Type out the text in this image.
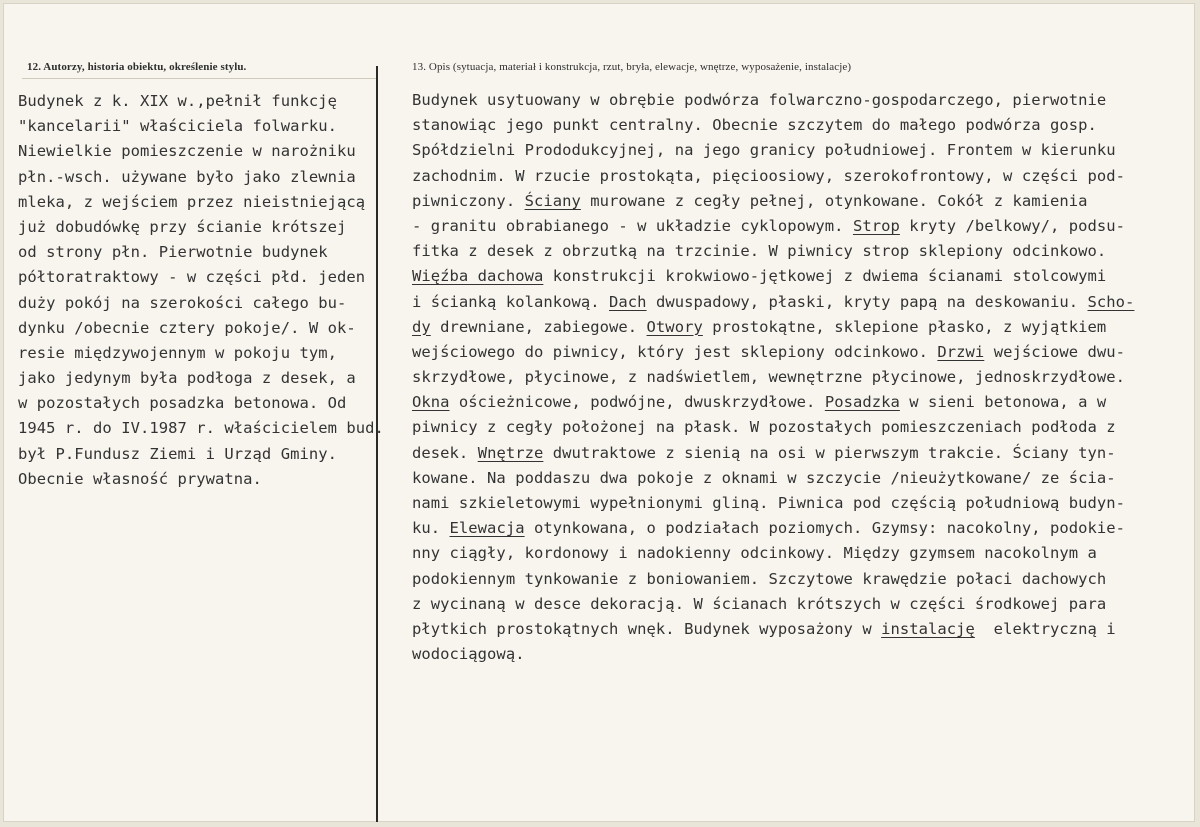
12. Autorzy, historia obiektu, określenie stylu.	13. Opis (sytuacja, materiał i konstrukcja, rzut, bryła, elewacje, wnętrze, wyposażenie, instalacje)
Budynek z k. XIX w.,pełnił funkcję
"kancelarii" właściciela folwarku.
Niewielkie pomieszczenie w narożniku
płn.-wsch. używane było jako zlewnia
mleka, z wejściem przez nieistniejącą
już dobudówkę przy ścianie krótszej
od strony płn. Pierwotnie budynek
półtoratraktowy - w części płd. jeden
duży pokój na szerokości całego bu-
dynku /obecnie cztery pokoje/. W ok-
resie międzywojennym w pokoju tym,
jako jedynym była podłoga z desek, a
w pozostałych posadzka betonowa. Od
1945 r. do IV.1987 r. właścicielem bud.
był P.Fundusz Ziemi i Urząd Gminy.
Obecnie własność prywatna.
Budynek usytuowany w obrębie podwórza folwarczno-gospodarczego, pierwotnie
stanowiąc jego punkt centralny. Obecnie szczytem do małego podwórza gosp.
Spółdzielni Prododukcyjnej, na jego granicy południowej. Frontem w kierunku
zachodnim. W rzucie prostokąta, pięcioosiowy, szerokofrontowy, w części pod-
piwniczony. Ściany murowane z cegły pełnej, otynkowane. Cokół z kamienia
- granitu obrabianego - w układzie cyklopowym. Strop kryty /belkowy/, podsu-
fitka z desek z obrzutką na trzcinie. W piwnicy strop sklepiony odcinkowo.
Więźba dachowa konstrukcji krokwiowo-jętkowej z dwiema ścianami stolcowymi
i ścianką kolankową. Dach dwuspadowy, płaski, kryty papą na deskowaniu. Scho-
dy drewniane, zabiegowe. Otwory prostokątne, sklepione płasko, z wyjątkiem
wejściowego do piwnicy, który jest sklepiony odcinkowo. Drzwi wejściowe dwu-
skrzydłowe, płycinowe, z nadświetlem, wewnętrzne płycinowe, jednoskrzydłowe.
Okna ościeżnicowe, podwójne, dwuskrzydłowe. Posadzka w sieni betonowa, a w
piwnicy z cegły położonej na płask. W pozostałych pomieszczeniach podłoda z
desek. Wnętrze dwutraktowe z sienią na osi w pierwszym trakcie. Ściany tyn-
kowane. Na poddaszu dwa pokoje z oknami w szczycie /nieużytkowane/ ze ścia-
nami szkieletowymi wypełnionymi gliną. Piwnica pod częścią południową budyn-
ku. Elewacja otynkowana, o podziałach poziomych. Gzymsy: nacokolny, podokie-
nny ciągły, kordonowy i nadokienny odcinkowy. Między gzymsem nacokolnym a
podokiennym tynkowanie z boniowaniem. Szczytowe krawędzie połaci dachowych
z wycinaną w desce dekoracją. W ścianach krótszych w części środkowej para
płytkich prostokątnych wnęk. Budynek wyposażony w instalację  elektryczną i
wodociągową.
